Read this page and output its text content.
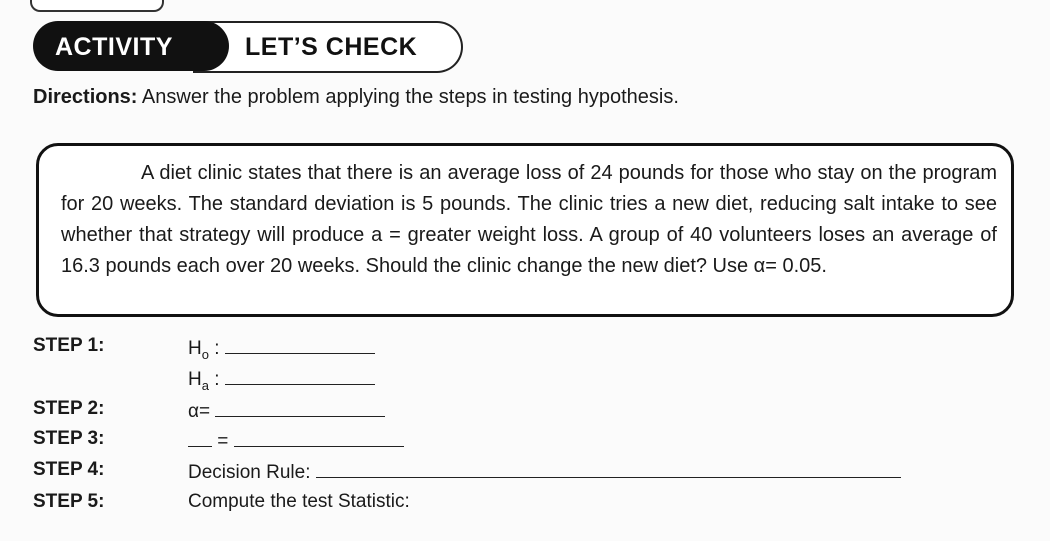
ACTIVITY	LET’S CHECK
Directions: Answer the problem applying the steps in testing hypothesis.
A diet clinic states that there is an average loss of 24 pounds for those who stay on the program for 20 weeks. The standard deviation is 5 pounds. The clinic tries a new diet, reducing salt intake to see whether that strategy will produce a = greater weight loss. A group of 40 volunteers loses an average of 16.3 pounds each over 20 weeks. Should the clinic change the new diet? Use α= 0.05.
STEP 1:	$H_o$ :
$H_a$ :
STEP 2:	α=
STEP 3:	=
STEP 4:	Decision Rule:
STEP 5:	Compute the test Statistic:
